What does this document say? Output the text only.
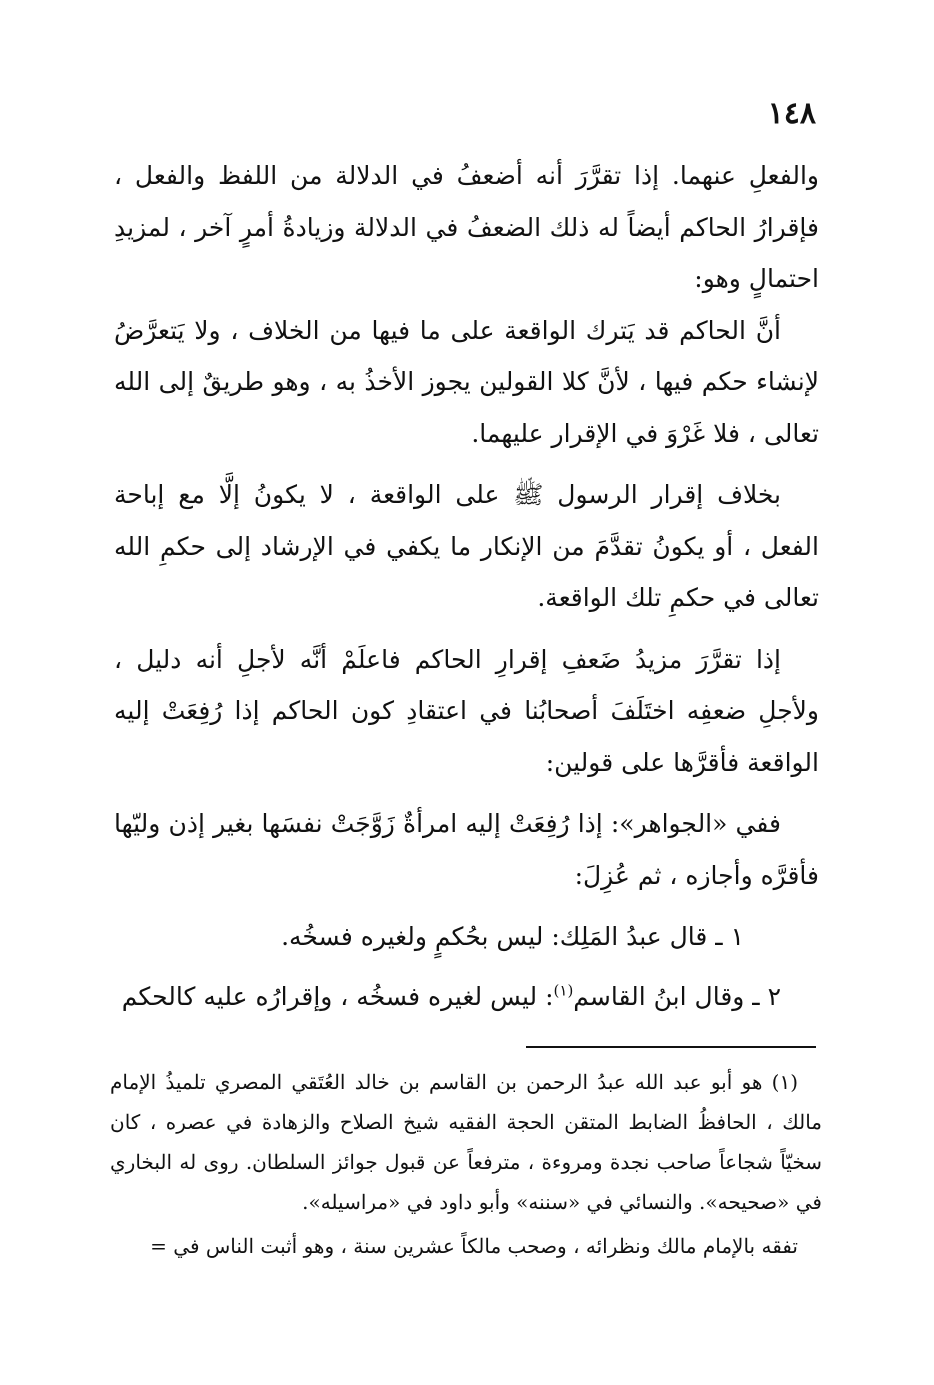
١٤٨

والفعلِ عنهما. إذا تقرَّرَ أنه أضعفُ في الدلالة من اللفظ والفعل ، فإقرارُ الحاكم أيضاً له ذلك الضعفُ في الدلالة وزيادةُ أمرٍ آخر ، لمزيدِ احتمالٍ وهو:

أنَّ الحاكم قد يَترك الواقعة على ما فيها من الخلاف ، ولا يَتعرَّضُ لإنشاء حكم فيها ، لأنَّ كلا القولين يجوز الأخذُ به ، وهو طريقٌ إلى الله تعالى ، فلا غَرْوَ في الإقرار عليهما.

بخلاف إقرار الرسول ﷺ على الواقعة ، لا يكونُ إلَّا مع إباحة الفعل ، أو يكونُ تقدَّمَ من الإنكار ما يكفي في الإرشاد إلى حكمِ الله تعالى في حكمِ تلك الواقعة.

إذا تقرَّرَ مزيدُ ضَعفِ إقرارِ الحاكم فاعلَمْ أنَّه لأجلِ أنه دليل ، ولأجلِ ضعفِه اختَلَفَ أصحابُنا في اعتقادِ كون الحاكم إذا رُفِعَتْ إليه الواقعة فأقرَّها على قولين:

ففي «الجواهر»: إذا رُفِعَتْ إليه امرأةٌ زَوَّجَتْ نفسَها بغير إذن وليّها فأقرَّه وأجازه ، ثم عُزِلَ:

١ ـ قال عبدُ المَلِك: ليس بحُكمٍ ولغيره فسخُه.
٢ ـ وقال ابنُ القاسم$^{(١)}$: ليس لغيره فسخُه ، وإقرارُه عليه كالحكم

(١) هو أبو عبد الله عبدُ الرحمن بن القاسم بن خالد العُتَقي المصري تلميذُ الإمام مالك ، الحافظُ الضابط المتقن الحجة الفقيه شيخ الصلاح والزهادة في عصره ، كان سخيّاً شجاعاً صاحب نجدة ومروءة ، مترفعاً عن قبول جوائز السلطان. روى له البخاري في «صحيحه». والنسائي في «سننه» وأبو داود في «مراسيله».

تفقه بالإمام مالك ونظرائه ، وصحب مالكاً عشرين سنة ، وهو أثبت الناس في =
